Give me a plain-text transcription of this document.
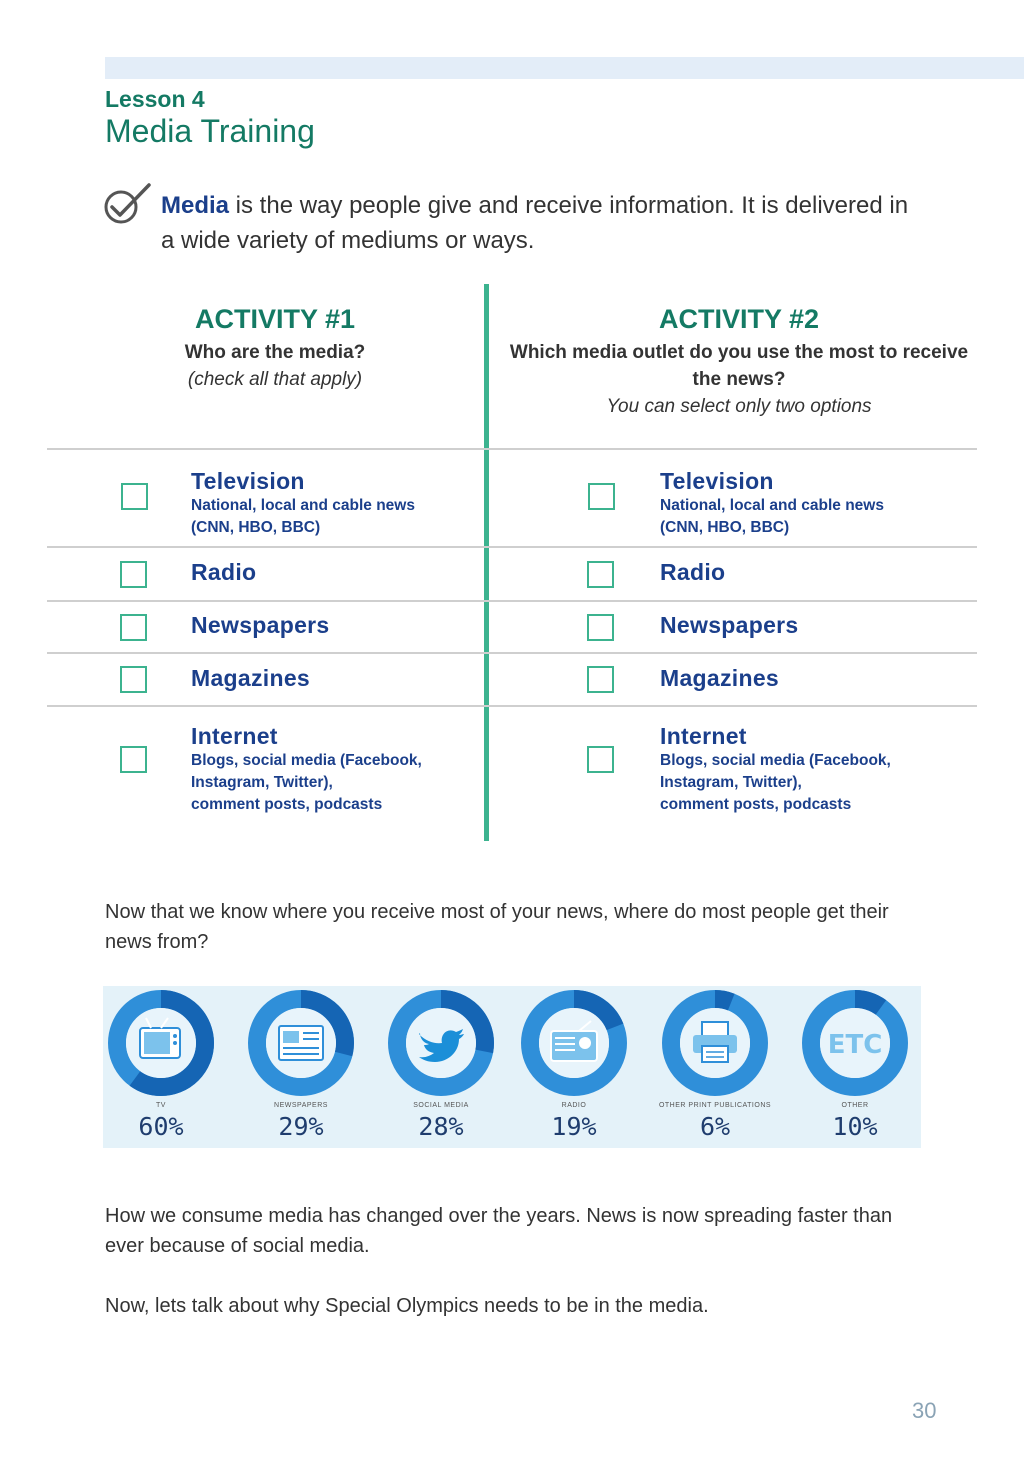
Lesson 4
Media Training
Media is the way people give and receive information. It is delivered in a wide variety of mediums or ways.
ACTIVITY #1
Who are the media?
(check all that apply)
ACTIVITY #2
Which media outlet do you use the most to receive the news?
You can select only two options
Television
National, local and cable news
(CNN, HBO, BBC)
Radio
Newspapers
Magazines
Internet
Blogs, social media (Facebook,
Instagram, Twitter),
comment posts, podcasts
Television
National, local and cable news
(CNN, HBO, BBC)
Radio
Newspapers
Magazines
Internet
Blogs, social media (Facebook,
Instagram, Twitter),
comment posts, podcasts
Now that we know where you receive most of your news, where do most people get their news from?
TV
60%
NEWSPAPERS
29%
SOCIAL MEDIA
28%
RADIO
19%
OTHER PRINT PUBLICATIONS
6%
ETC
OTHER
10%
How we consume media has changed over the years. News is now spreading faster than ever because of social media.
Now, lets talk about why Special Olympics needs to be in the media.
30
